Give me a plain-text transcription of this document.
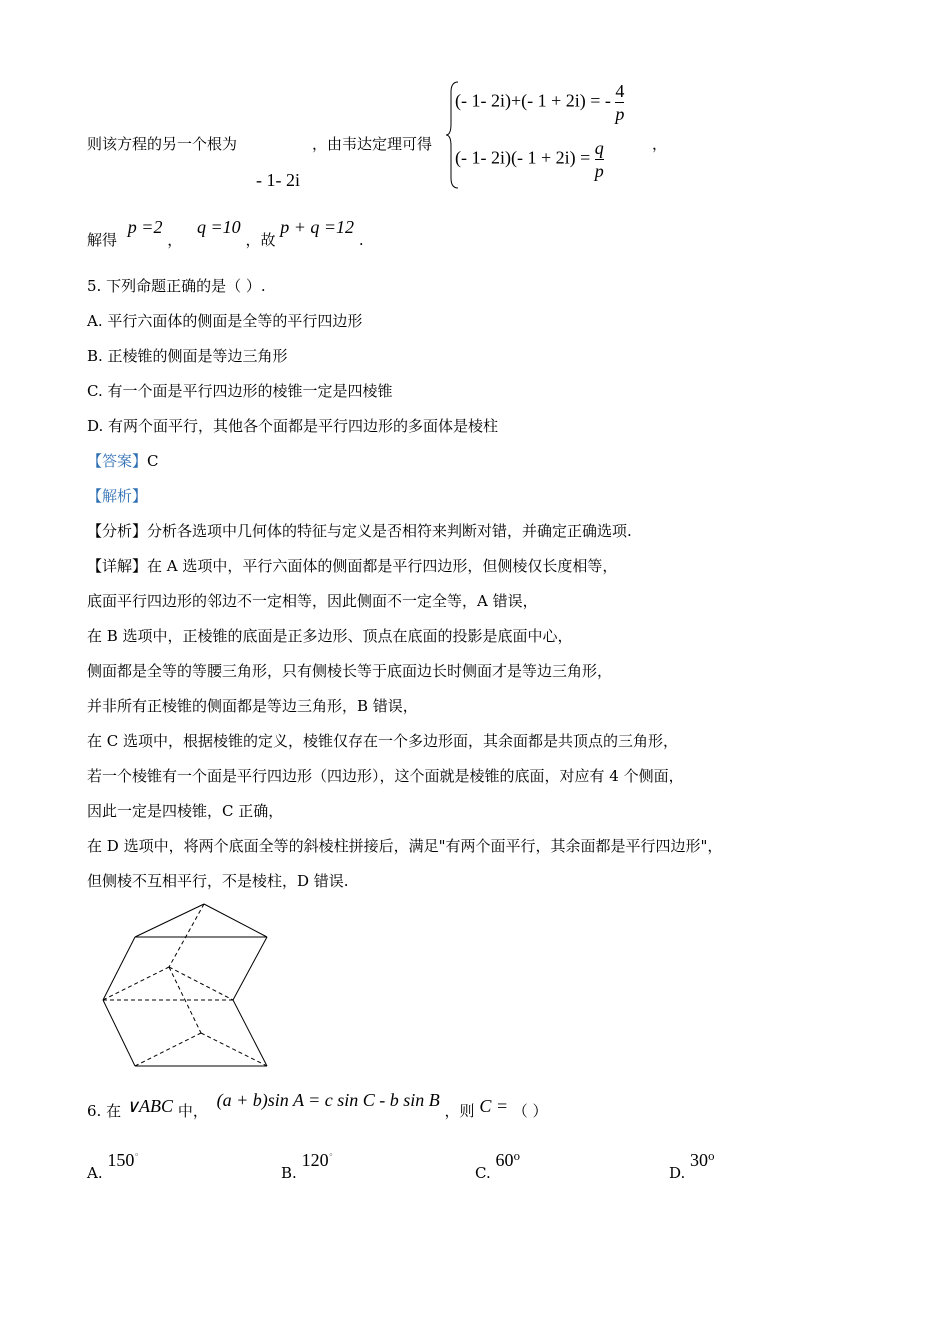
则该方程的另一个根为	，由韦达定理可得
- 1- 2i
(- 1- 2i)+(- 1 + 2i) = - $\frac{4}{p}$
(- 1- 2i)(- $1 + 2i) = \frac{q}{p}$	，
解得 p =2 ， q =10 ，故 p + q =12 .
5. 下列命题正确的是（ ）.
A. 平行六面体的侧面是全等的平行四边形
B. 正棱锥的侧面是等边三角形
C. 有一个面是平行四边形的棱锥一定是四棱锥
D. 有两个面平行，其他各个面都是平行四边形的多面体是棱柱
【答案】C
【解析】
【分析】分析各选项中几何体的特征与定义是否相符来判断对错，并确定正确选项.
【详解】在 A 选项中，平行六面体的侧面都是平行四边形，但侧棱仅长度相等，
底面平行四边形的邻边不一定相等，因此侧面不一定全等，A 错误，
在 B 选项中，正棱锥的底面是正多边形、顶点在底面的投影是底面中心，
侧面都是全等的等腰三角形，只有侧棱长等于底面边长时侧面才是等边三角形，
并非所有正棱锥的侧面都是等边三角形，B 错误，
在 C 选项中，根据棱锥的定义，棱锥仅存在一个多边形面，其余面都是共顶点的三角形，
若一个棱锥有一个面是平行四边形（四边形），这个面就是棱锥的底面，对应有 4 个侧面，
因此一定是四棱锥，C 正确，
在 D 选项中，将两个底面全等的斜棱柱拼接后，满足"有两个面平行，其余面都是平行四边形"，
但侧棱不互相平行，不是棱柱，D 错误.
6. 在 ∨ABC 中， (a + b)sin A = c sin C - b sin B ，则 C = （ ）
A. 150°
B. 120°
C. 60$^o$
D. 30$^o$
